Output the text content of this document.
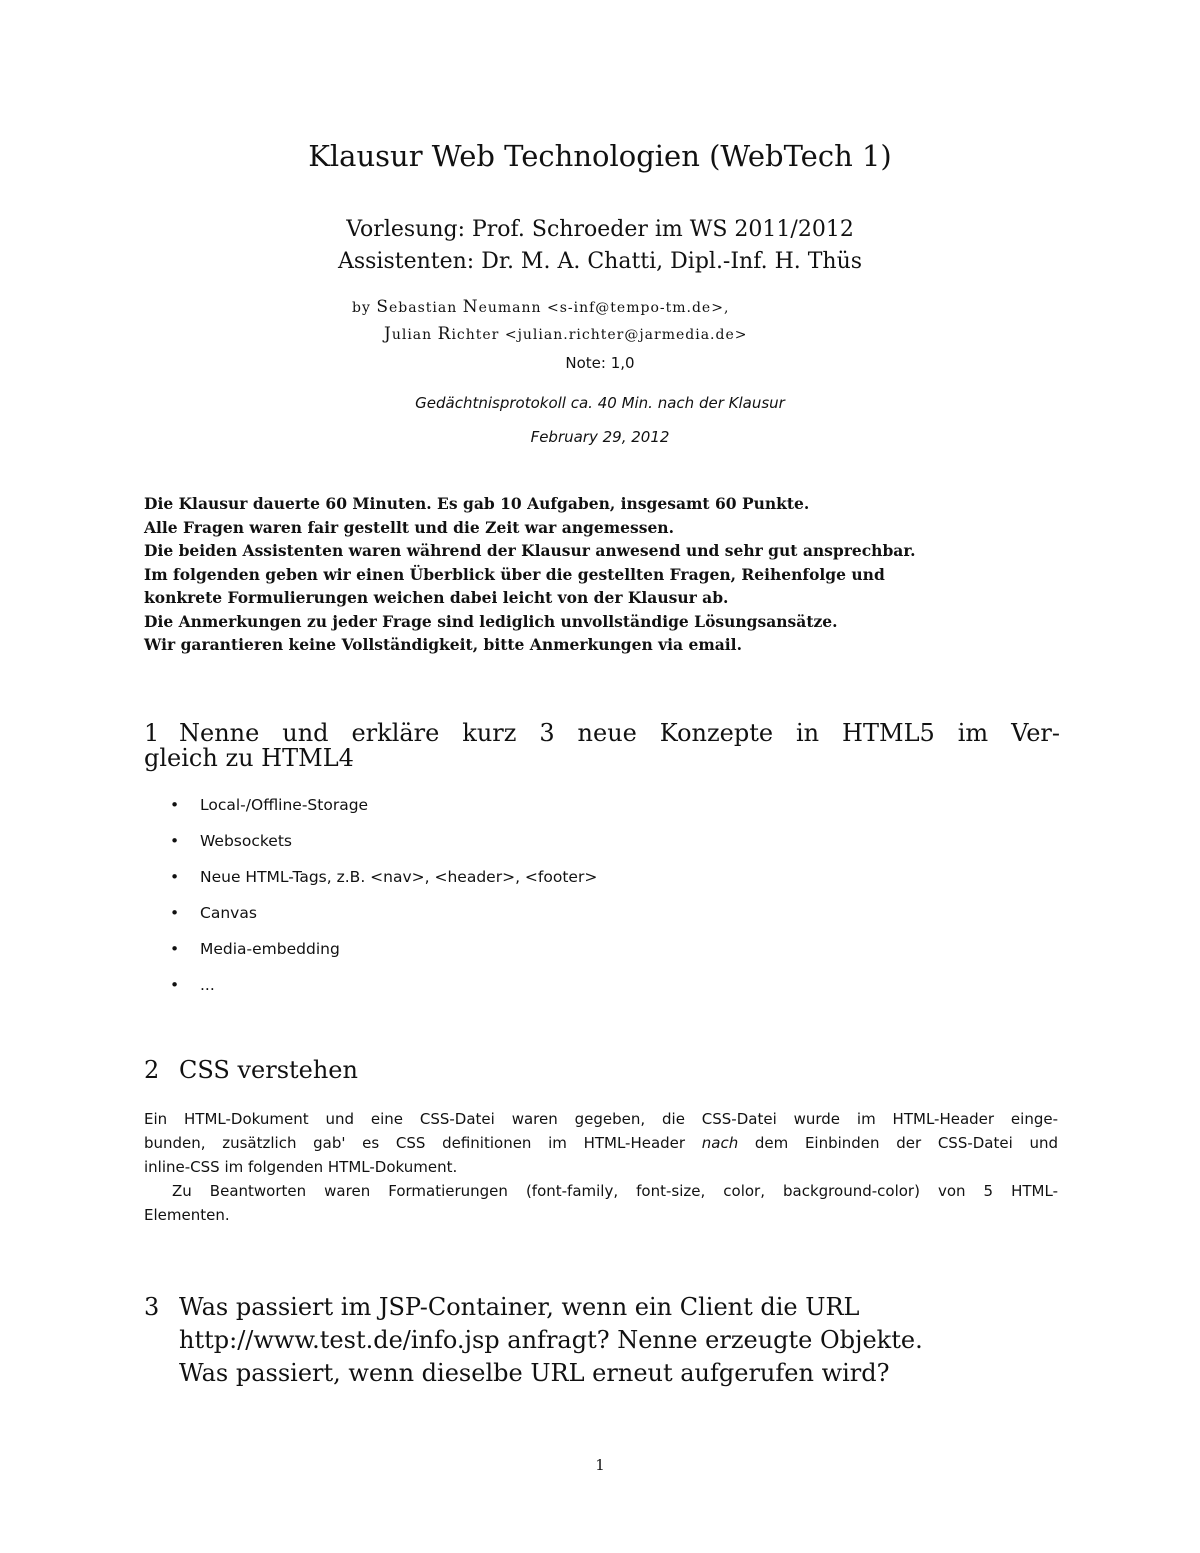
Klausur Web Technologien (WebTech 1)
Vorlesung: Prof. Schroeder im WS 2011/2012
Assistenten: Dr. M. A. Chatti, Dipl.-Inf. H. Thüs
by Sebastian Neumann <s-inf@tempo-tm.de>,
Julian Richter <julian.richter@jarmedia.de>
Note: 1,0
Gedächtnisprotokoll ca. 40 Min. nach der Klausur
February 29, 2012
Die Klausur dauerte 60 Minuten. Es gab 10 Aufgaben, insgesamt 60 Punkte.
Alle Fragen waren fair gestellt und die Zeit war angemessen.
Die beiden Assistenten waren während der Klausur anwesend und sehr gut ansprechbar.
Im folgenden geben wir einen Überblick über die gestellten Fragen, Reihenfolge und
konkrete Formulierungen weichen dabei leicht von der Klausur ab.
Die Anmerkungen zu jeder Frage sind lediglich unvollständige Lösungsansätze.
Wir garantieren keine Vollständigkeit, bitte Anmerkungen via email.
1 Nenne und erkläre kurz 3 neue Konzepte in HTML5 im Ver-
gleich zu HTML4
• Local-/Offline-Storage
• Websockets
• Neue HTML-Tags, z.B. <nav>, <header>, <footer>
• Canvas
• Media-embedding
• ...
2 CSS verstehen
Ein HTML-Dokument und eine CSS-Datei waren gegeben, die CSS-Datei wurde im HTML-Header einge-
bunden, zusätzlich gab' es CSS definitionen im HTML-Header nach dem Einbinden der CSS-Datei und
inline-CSS im folgenden HTML-Dokument.
Zu Beantworten waren Formatierungen (font-family, font-size, color, background-color) von 5 HTML-
Elementen.
3 Was passiert im JSP-Container, wenn ein Client die URL
http://www.test.de/info.jsp anfragt? Nenne erzeugte Objekte.
Was passiert, wenn dieselbe URL erneut aufgerufen wird?
1
